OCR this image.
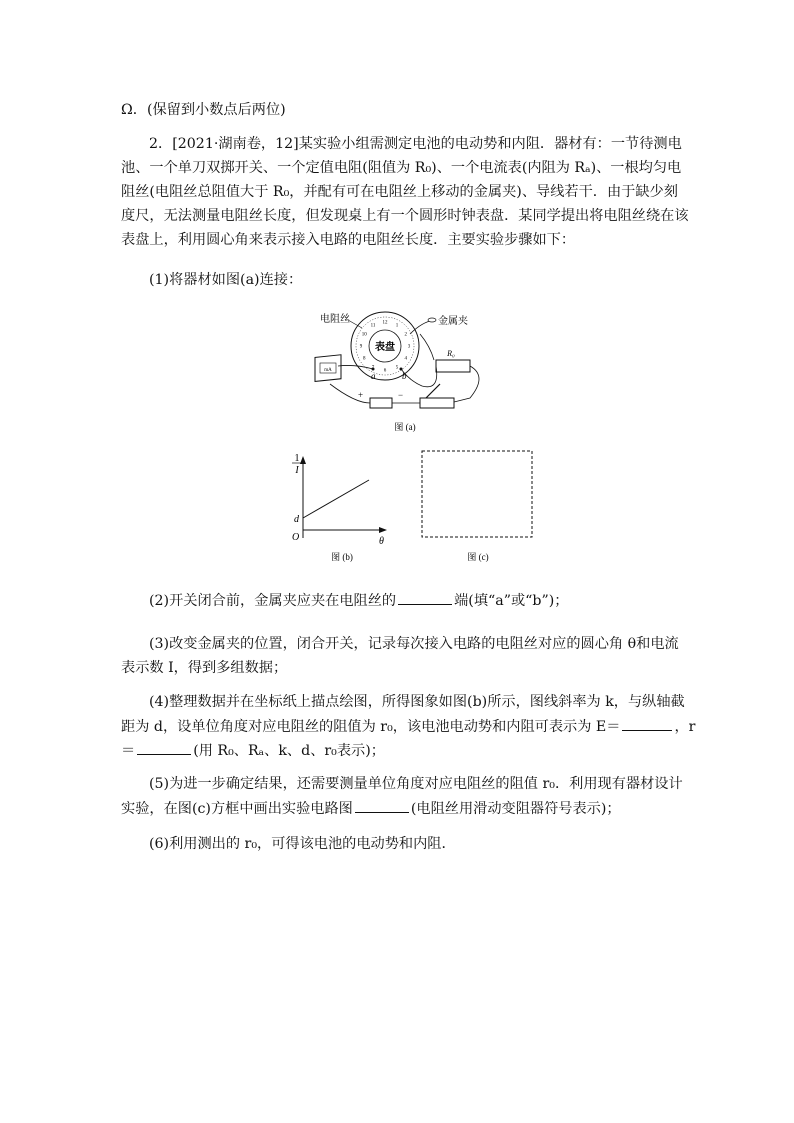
Ω．(保留到小数点后两位)
2．[2021·湖南卷，12]某实验小组需测定电池的电动势和内阻．器材有：一节待测电
池、一个单刀双掷开关、一个定值电阻(阻值为 R₀)、一个电流表(内阻为 Rₐ)、一根均匀电
阻丝(电阻丝总阻值大于 R₀，并配有可在电阻丝上移动的金属夹)、导线若干．由于缺少刻
度尺，无法测量电阻丝长度，但发现桌上有一个圆形时钟表盘．某同学提出将电阻丝绕在该
表盘上，利用圆心角来表示接入电路的电阻丝长度．主要实验步骤如下：
(1)将器材如图(a)连接：
表盘
12
1
2
3
4
5
6
8
9
10
11
电阻丝	金属夹
mA
a	b
R₀
+	−
图 (a)
1
I
d
O	θ
图 (b)	图 (c)
(2)开关闭合前，金属夹应夹在电阻丝的	端(填“a”或“b”)；
(3)改变金属夹的位置，闭合开关，记录每次接入电路的电阻丝对应的圆心角 θ和电流
表示数 I，得到多组数据；
(4)整理数据并在坐标纸上描点绘图，所得图象如图(b)所示，图线斜率为 k，与纵轴截
距为 d，设单位角度对应电阻丝的阻值为 r₀，该电池电动势和内阻可表示为 E＝	，r
＝	(用 R₀、Rₐ、k、d、r₀表示)；
(5)为进一步确定结果，还需要测量单位角度对应电阻丝的阻值 r₀．利用现有器材设计
实验，在图(c)方框中画出实验电路图	(电阻丝用滑动变阻器符号表示)；
(6)利用测出的 r₀，可得该电池的电动势和内阻．
